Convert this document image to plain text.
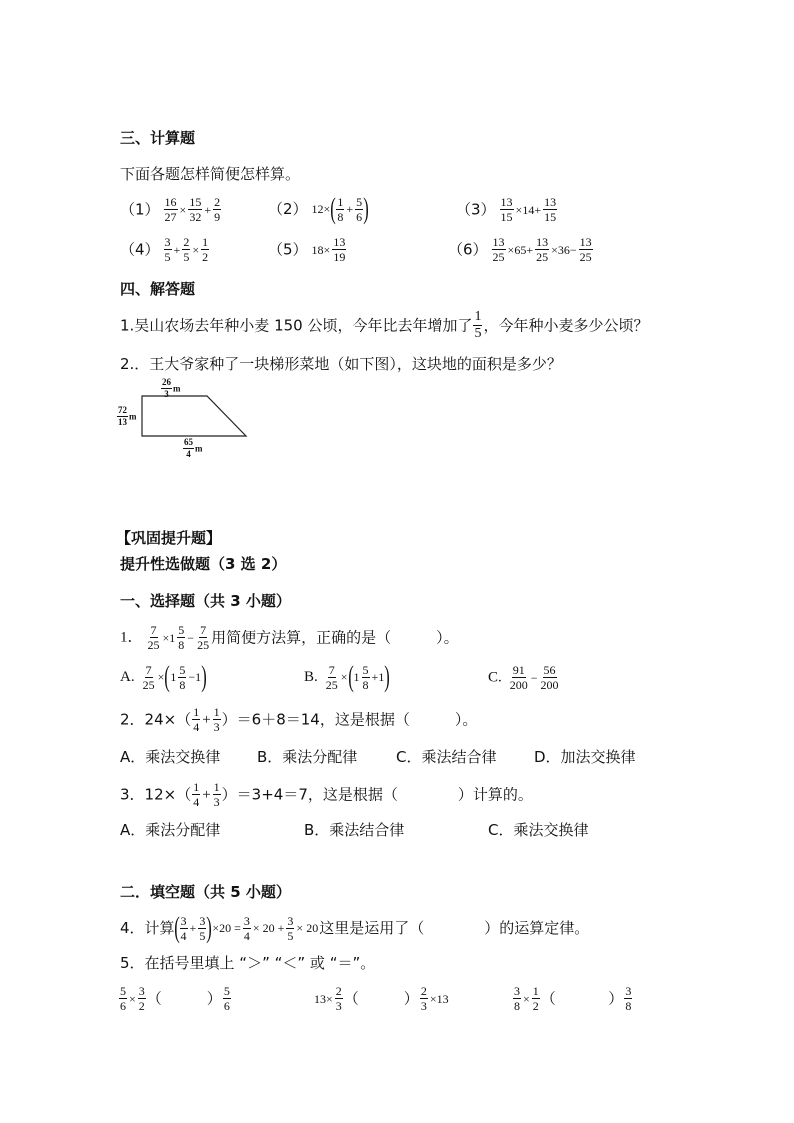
三、计算题
下面各题怎样简便怎样算。
$(1) \frac{16}{27} \times \frac{15}{32} + \frac{2}{9}$	（2） $12\times( \frac{1}{8} + \frac{5}{6}$ )	$(3) \frac{13}{15} \times 14+ \frac{13}{15}$
$(4) \frac{3}{5} + \frac{2}{5} \times \frac{1}{2}$	（5） $18\times \frac{13}{19}$	$(6) \frac{13}{25} \times 65+ \frac{13}{25} \times 36- \frac{13}{25}$
四、解答题
1.吴山农场去年种小麦 150 公顷，今年比去年增加了 $\frac{1}{5}$ ，今年种小麦多少公顷？
2.．王大爷家种了一块梯形菜地（如下图），这块地的面积是多少？
$\frac{26}{3}$ m
$\frac{72}{13}$ m
$\frac{65}{4}$ m
【巩固提升题】
提升性选做题（3 选 2）
一、选择题（共 3 小题）
1． $\frac{7}{25} \times 1 \frac{5}{8} - \frac{7}{25}$ 用简便方法算，正确的是（　　　）。
A. $\frac{7}{25} \times(1 \frac{5}{8} -1)$	B. $\frac{7}{25} \times(1 \frac{5}{8} +1)$	C. $\frac{91}{200} - \frac{56}{200}$
2．$24\times( \frac{1}{4} + \frac{1}{3} )=6+8=14$，这是根据（　　　）。
A．乘法交换律 B．乘法分配律	C．乘法结合律	D．加法交换律
3．$12\times( \frac{1}{4} + \frac{1}{3} )=3+4=7$，这是根据（　　　　）计算的。
A．乘法分配律	B．乘法结合律	C．乘法交换律
二．填空题（共 5 小题）
4．计算( $\frac{3}{4} + \frac{3}{5} )\times 20 = \frac{3}{4} \times 20 + \frac{3}{5} \times 20$这里是运用了（　　　　）的运算定律。
5．在括号里填上 “＞” “＜” 或 “＝”。
$\frac{5}{6} \times \frac{3}{2}$ （   	） $\frac{5}{6}$	$13\times \frac{2}{3}$ （   	） $\frac{2}{3} \times 13$	$\frac{3}{8} \times \frac{1}{2}$ （    	） $\frac{3}{8}$
